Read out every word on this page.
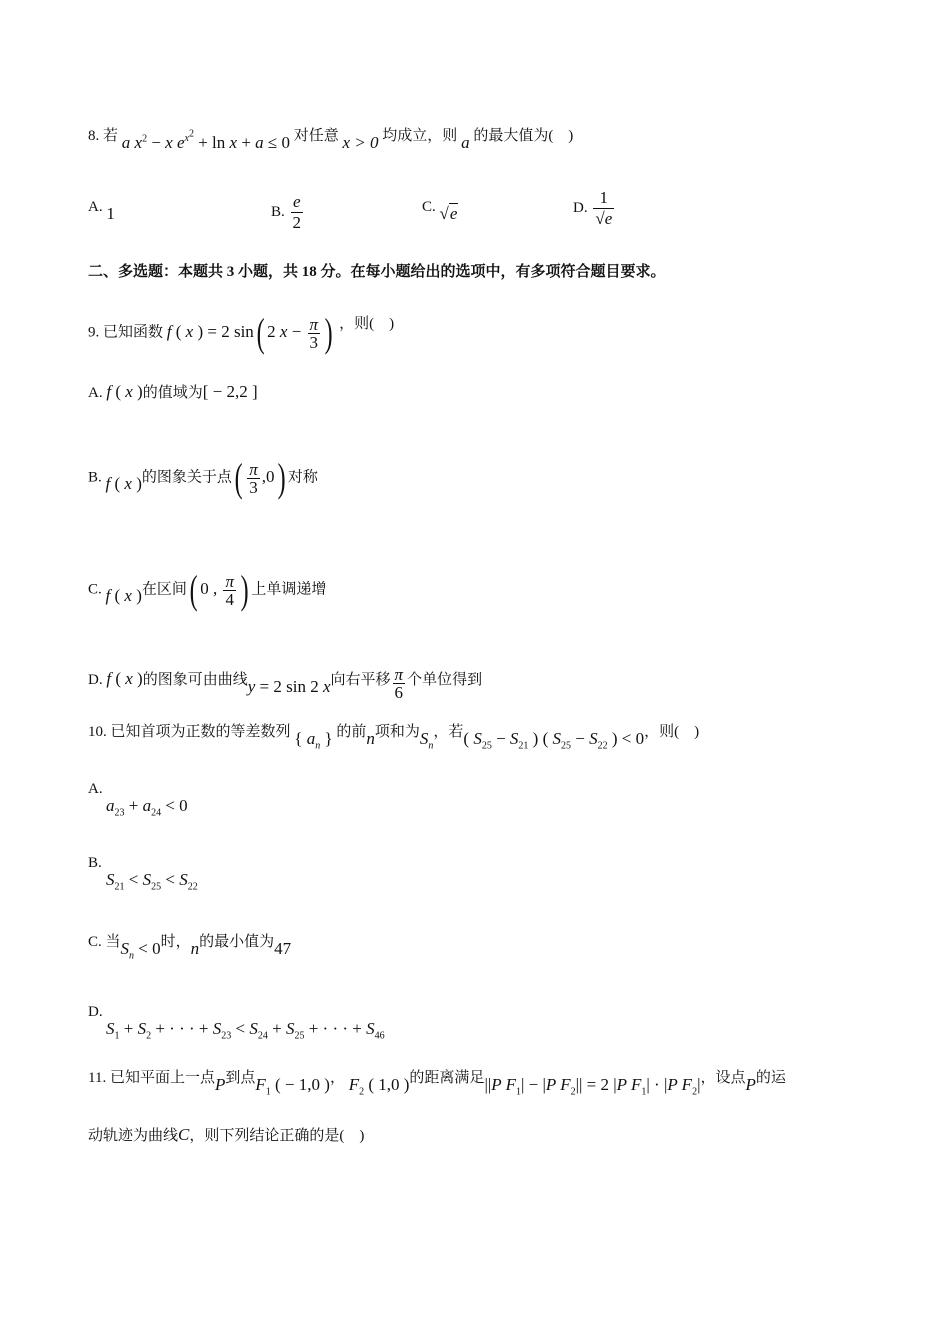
8. 若 a $x^2 - x$ $e^{x^2} + \ln x + a \le 0$ 对任意 x > 0 均成立，则 a 的最大值为(　)
A. 1	B. $\frac{e}{2}$	C. √e	D. $\frac{1}{√e}$
二、多选题：本题共 3 小题，共 18 分。在每小题给出的选项中，有多项符合题目要求。
9. 已知函数 f ( x ) = 2 sin( 2 $x - \frac{\pi}{3}$ ) ，则(　)
A. f ( x )的值域为[ − 2,2 ]
B. f ( x )的图象关于点( $\frac{\pi}{3} ,0$) 对称
C. f ( x )在区间( 0 , $\frac{\pi}{4}$ ) 上单调递增
D. f ( x )的图象可由曲线y = 2 sin 2 x向右平移 $\frac{\pi}{6}$ 个单位得到
10. 已知首项为正数的等差数列 { $a_n$ } 的前n项和为$S_n$，若( $S_{25} - S_{21}$ ) ( $S_{25} - S_{22}$ ) < 0，则(　)
A.
$a_{23} + a_{24} < 0$
B.
$S_{21} < S_{25} < S_{22}$
C. 当$S_n < 0$时，n的最小值为47
D.
$S_1 + S_2$ + · · · + $S_{23} < S_{24} + S_{25}$ + · · · + $S_{46}$
11. 已知平面上一点P到点$F_1$ ( − 1,0 )， $F_2$ ( 1,0 )的距离满足||P $F_1| - |P$ $F_2|| = 2$ |P $F_1| \cdot |P$ $F_2|$，设点P的运
动轨迹为曲线C，则下列结论正确的是(　)
